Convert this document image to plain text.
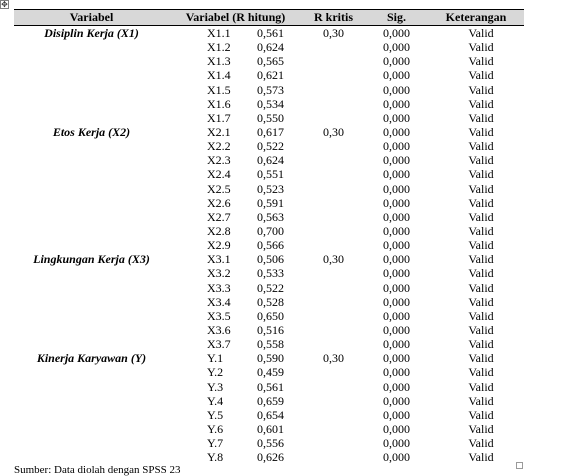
✥
Variabel	Variabel (R hitung)	R kritis	Sig.	Keterangan
Disiplin Kerja (X1)	X1.1 0,561	0,30	0,000	Valid

	X1.2 0,624		0,000	Valid

	X1.3 0,565		0,000	Valid

	X1.4 0,621		0,000	Valid

	X1.5 0,573		0,000	Valid

	X1.6 0,534		0,000	Valid

	X1.7 0,550		0,000	Valid
Etos Kerja (X2)	X2.1 0,617	0,30	0,000	Valid

	X2.2 0,522		0,000	Valid

	X2.3 0,624		0,000	Valid

	X2.4 0,551		0,000	Valid

	X2.5 0,523		0,000	Valid

	X2.6 0,591		0,000	Valid

	X2.7 0,563		0,000	Valid

	X2.8 0,700		0,000	Valid

	X2.9 0,566		0,000	Valid
Lingkungan Kerja (X3)	X3.1 0,506	0,30	0,000	Valid

	X3.2 0,533		0,000	Valid

	X3.3 0,522		0,000	Valid

	X3.4 0,528		0,000	Valid

	X3.5 0,650		0,000	Valid

	X3.6 0,516		0,000	Valid

	X3.7 0,558		0,000	Valid
Kinerja Karyawan (Y)	Y.1 0,590	0,30	0,000	Valid

	Y.2 0,459		0,000	Valid

	Y.3 0,561		0,000	Valid

	Y.4 0,659		0,000	Valid

	Y.5 0,654		0,000	Valid

	Y.6 0,601		0,000	Valid

	Y.7 0,556		0,000	Valid

	Y.8 0,626		0,000	Valid
Sumber: Data diolah dengan SPSS 23
